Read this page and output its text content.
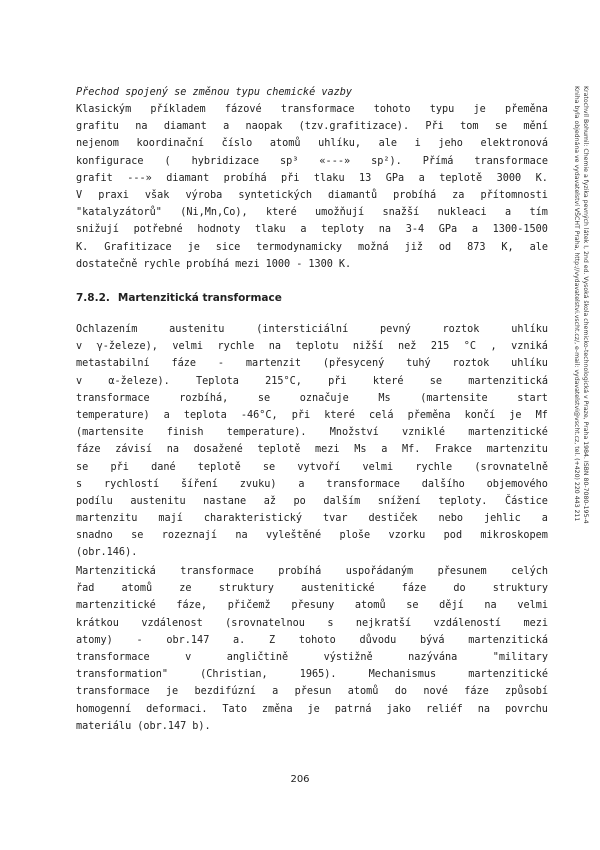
Přechod spojený se změnou typu chemické vazby
Klasickým příkladem fázové transformace tohoto typu je přeměna
grafitu na diamant a naopak (tzv.grafitizace). Při tom se mění
nejenom koordinační číslo atomů uhlíku, ale i jeho elektronová
konfigurace ( hybridizace sp³ «---» sp²). Přímá transformace
grafit ---» diamant probíhá při tlaku 13 GPa a teplotě 3000 K.
V praxi však výroba syntetických diamantů probíhá za přítomnosti
"katalyzátorů" (Ni,Mn,Co), které umožňují snažší nukleaci a tím
snižují potřebné hodnoty tlaku a teploty na 3-4 GPa a 1300-1500
K. Grafitizace je sice termodynamicky možná již od 873 K, ale
dostatečně rychle probíhá mezi 1000 - 1300 K.
7.8.2. Martenzitická transformace
Ochlazením	austenitu	(intersticiální	pevný	roztok	uhlíku
v γ-železe), velmi rychle na teplotu nižší než 215 °C , vzniká
metastabilní fáze - martenzit (přesycený tuhý roztok uhlíku
v	α-železe).	Teplota	215°C,	při	které	se	martenzitická
transformace	rozbíhá,	se	označuje	Ms	(martensite	start
temperature) a teplota -46°C, při které celá přeměna končí je Mf
(martensite finish temperature). Množství vzniklé martenzitické
fáze závisí na dosažené teplotě mezi Ms a Mf. Frakce martenzitu
se při dané teplotě se vytvoří velmi rychle (srovnatelně
s rychlostí šíření zvuku) a transformace dalšího objemového
podílu austenitu nastane až po dalším snížení teploty. Částice
martenzitu mají charakteristický tvar destiček nebo jehlic a
snadno se rozeznají na vyleštěné ploše vzorku pod mikroskopem
(obr.146).
Martenzitická transformace probíhá uspořádaným přesunem celých
řad	atomů	ze	struktury	austenitické	fáze	do	struktury
martenzitické fáze, přičemž přesuny atomů se dějí na velmi
krátkou vzdálenost (srovnatelnou s nejkratší vzdáleností mezi
atomy) - obr.147 a. Z tohoto důvodu bývá martenzitická
transformace	v	angličtině	výstižně	nazývána	"military
transformation"	(Christian,	1965).	Mechanismus	martenzitické
transformace je bezdifúzní a přesun atomů do nové fáze způsobí
homogenní deformaci. Tato změna je patrná jako reliéf na povrchu
materiálu (obr.147 b).
206
Kratochvíl Bohumil: Chemie a fyzika pevných látek I, 2nd ed. Vysoká škola chemicko-technologická v Praze, Praha 1984. ISBN 80-7080-195-4
Kniha byla objednána ve vydavatelství VŠCHT Praha, http://vydavatelstvi.vscht.cz/, e-mail: vydavatelstvi@vscht.cz, tel. (+420) 220 443 211
